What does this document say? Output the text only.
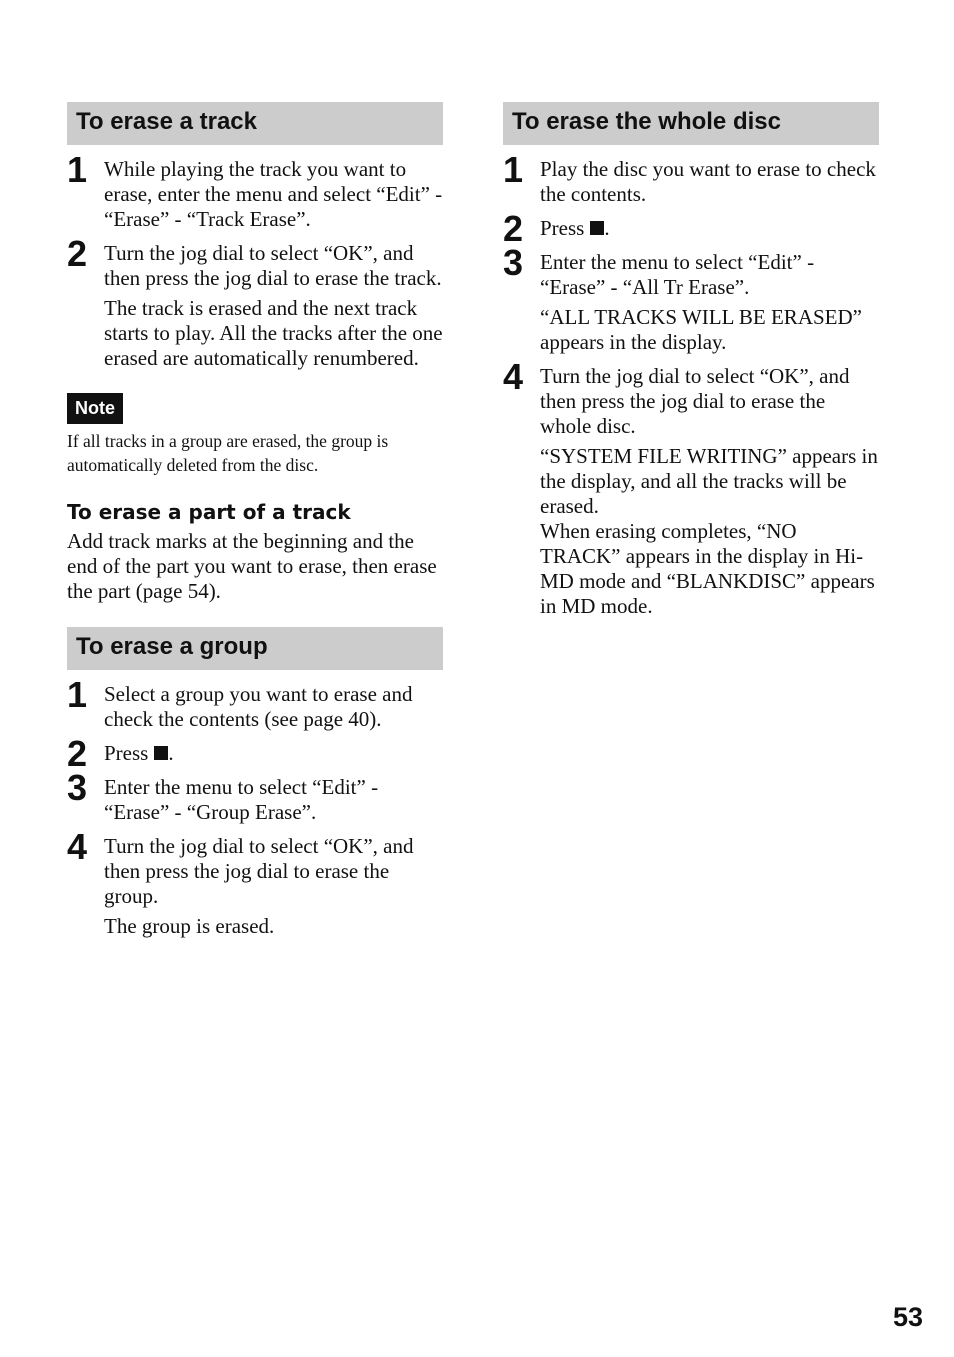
To erase a track
1 While playing the track you want to erase, enter the menu and select “Edit” - “Erase” - “Track Erase”.
2 Turn the jog dial to select “OK”, and then press the jog dial to erase the track.
The track is erased and the next track starts to play. All the tracks after the one erased are automatically renumbered.
Note
If all tracks in a group are erased, the group is automatically deleted from the disc.
To erase a part of a track
Add track marks at the beginning and the end of the part you want to erase, then erase the part (page 54).
To erase a group
1 Select a group you want to erase and check the contents (see page 40).
2 Press .
3 Enter the menu to select “Edit” - “Erase” - “Group Erase”.
4 Turn the jog dial to select “OK”, and then press the jog dial to erase the group.
The group is erased.
To erase the whole disc
1 Play the disc you want to erase to check the contents.
2 Press .
3 Enter the menu to select “Edit” - “Erase” - “All Tr Erase”.
“ALL TRACKS WILL BE ERASED” appears in the display.
4 Turn the jog dial to select “OK”, and then press the jog dial to erase the whole disc.
“SYSTEM FILE WRITING” appears in the display, and all the tracks will be erased.
When erasing completes, “NO TRACK” appears in the display in Hi-MD mode and “BLANKDISC” appears in MD mode.
53
